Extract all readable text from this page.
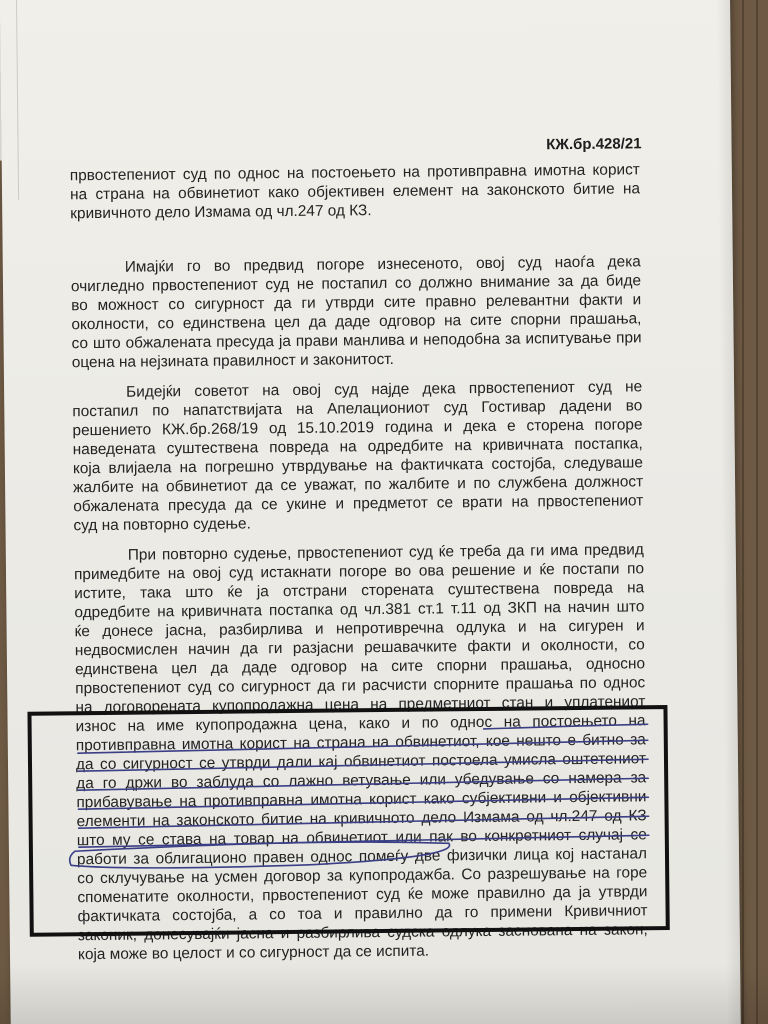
КЖ.бр.428/21
првостепениот суд по однос на постоењето на противправна имотна корист
на страна на обвинетиот како објективен елемент на законското битие на
кривичното дело Измама од чл.247 од КЗ.
Имајќи го во предвид погоре изнесеното, овој суд наоѓа дека
очигледно првостепениот суд не постапил со должно внимание за да биде
во можност со сигурност да ги утврди сите правно релевантни факти и
околности, со единствена цел да даде одговор на сите спорни прашања,
со што обжалената пресуда ја прави манлива и неподобна за испитување при
оцена на нејзината правилност и законитост.
Бидејќи советот на овој суд најде дека првостепениот суд не
постапил по напатствијата на Апелациониот суд Гостивар дадени во
решението КЖ.бр.268/19 од 15.10.2019 година и дека е сторена погоре
наведената суштествена повреда на одредбите на кривичната постапка,
која влијаела на погрешно утврдување на фактичката состојба, следуваше
жалбите на обвинетиот да се уважат, по жалбите и по службена должност
обжалената пресуда да се укине и предметот се врати на првостепениот
суд на повторно судење.
При повторно судење, првостепениот суд ќе треба да ги има предвид
примедбите на овој суд истакнати погоре во ова решение и ќе постапи по
истите, така што ќе ја отстрани сторената суштествена повреда на
одредбите на кривичната постапка од чл.381 ст.1 т.11 од ЗКП на начин што
ќе донесе јасна, разбирлива и непротивречна одлука и на сигурен и
недвосмислен начин да ги разјасни решавачките факти и околности, со
единствена цел да даде одговор на сите спорни прашања, односно
првостепениот суд со сигурност да ги расчисти спорните прашања по однос
на договорената купопродажна цена на предметниот стан и уплатениот
износ на име купопродажна цена, како и по однос на постоењето на
противправна имотна корист на страна на обвинетиот, кое нешто е битно за
да со сигурност се утврди дали кај обвинетиот постоела умисла оштетениот
да го држи во заблуда со лажно ветување или убедување со намера за
прибавување на противправна имотна корист како субјективни и објективни
елементи на законското битие на кривичното дело Измама од чл.247 од КЗ
што му се става на товар на обвинетиот или пак во конкретниот случај се
работи за облигационо правен однос помеѓу две физички лица кој настанал
со склучување на усмен договор за купопродажба. Со разрешување на горе
споменатите околности, првостепениот суд ќе може правилно да ја утврди
фактичката состојба, а со тоа и правилно да го примени Кривичниот
законик, донесувајќи јасна и разбирлива судска одлука заснована на закон,
која може во целост и со сигурност да се испита.
